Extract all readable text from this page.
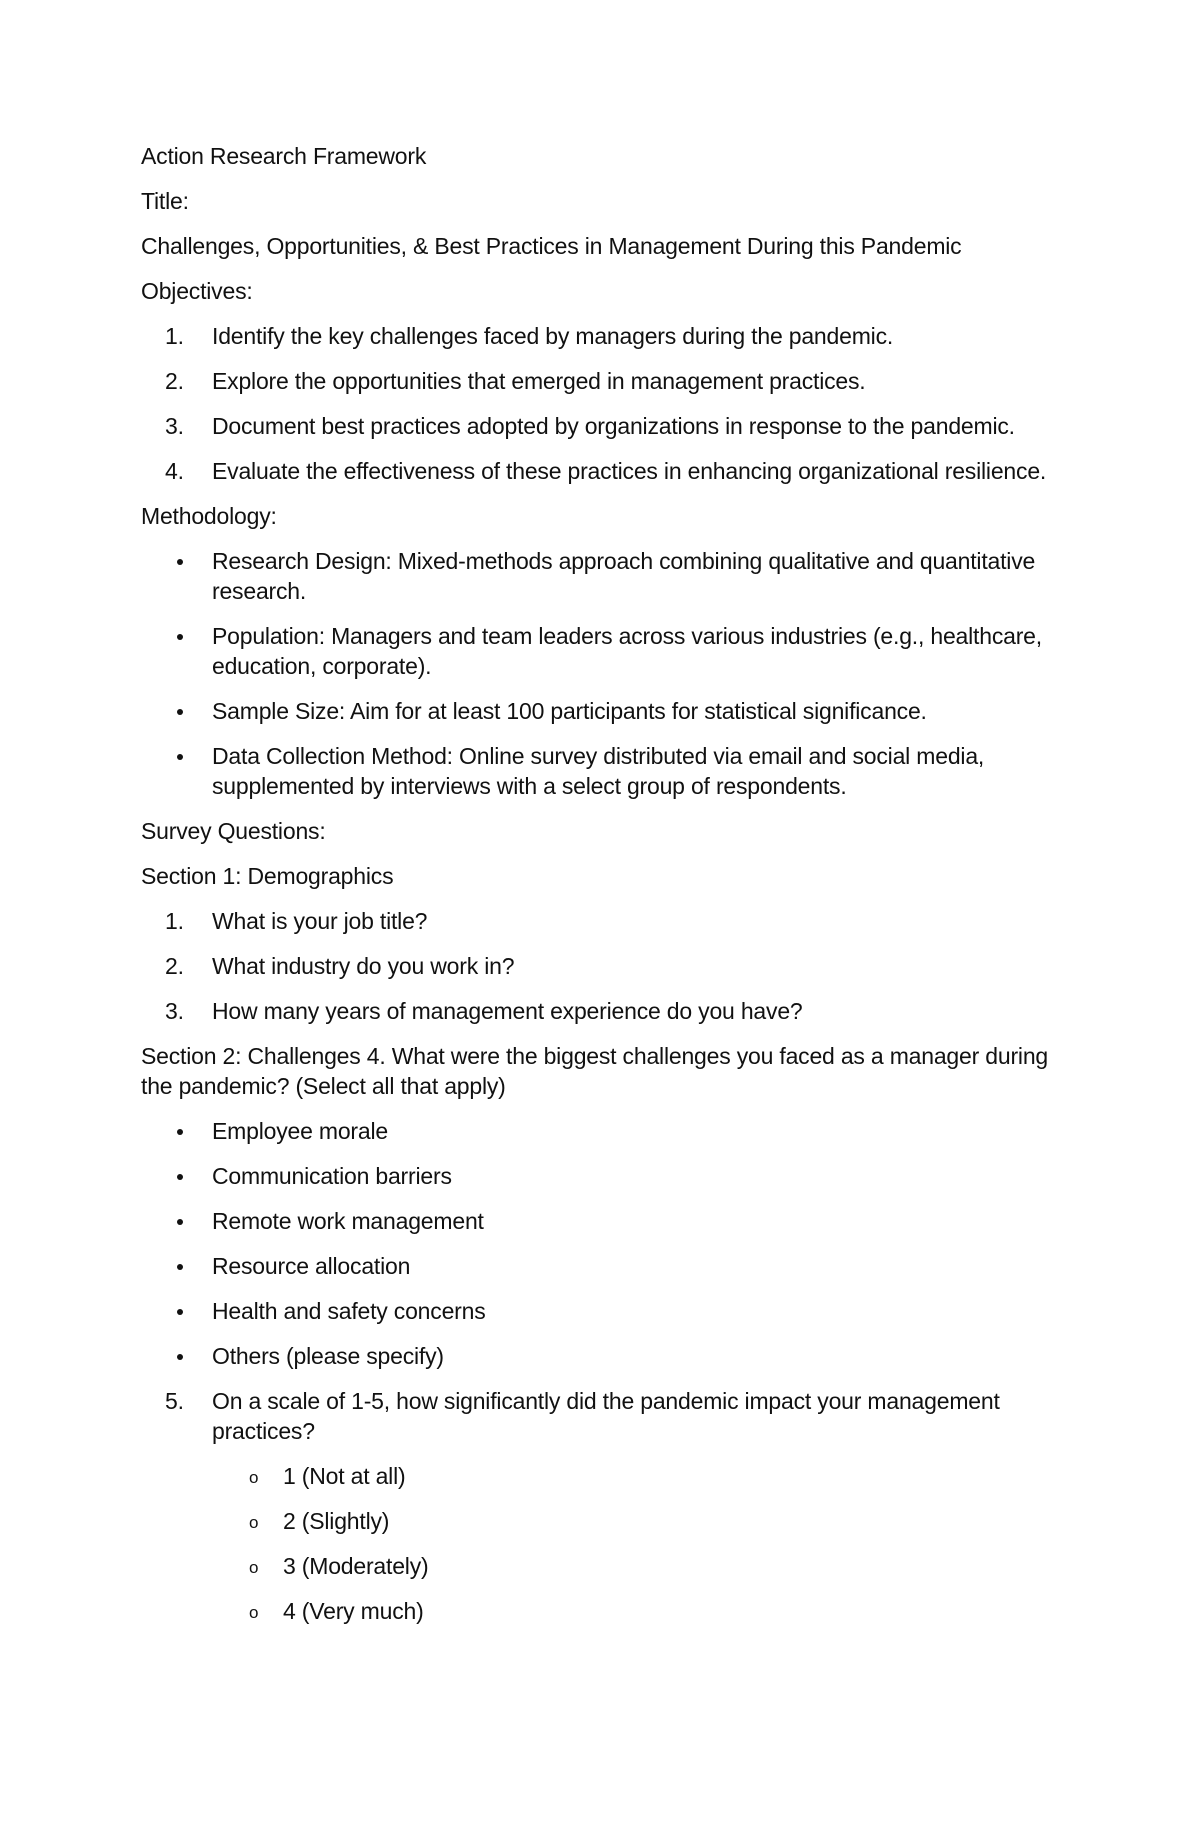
Action Research Framework

Title:

Challenges, Opportunities, & Best Practices in Management During this Pandemic

Objectives:

1.	Identify the key challenges faced by managers during the pandemic.
2.	Explore the opportunities that emerged in management practices.
3.	Document best practices adopted by organizations in response to the pandemic.
4.	Evaluate the effectiveness of these practices in enhancing organizational resilience.

Methodology:

Research Design: Mixed-methods approach combining qualitative and quantitative research.
Population: Managers and team leaders across various industries (e.g., healthcare, education, corporate).
Sample Size: Aim for at least 100 participants for statistical significance.
Data Collection Method: Online survey distributed via email and social media, supplemented by interviews with a select group of respondents.

Survey Questions:

Section 1: Demographics

1.	What is your job title?
2.	What industry do you work in?
3.	How many years of management experience do you have?

Section 2: Challenges 4. What were the biggest challenges you faced as a manager during the pandemic? (Select all that apply)

Employee morale
Communication barriers
Remote work management
Resource allocation
Health and safety concerns
Others (please specify)
5.	On a scale of 1-5, how significantly did the pandemic impact your management practices?
o 1 (Not at all)
o 2 (Slightly)
o 3 (Moderately)
o 4 (Very much)
